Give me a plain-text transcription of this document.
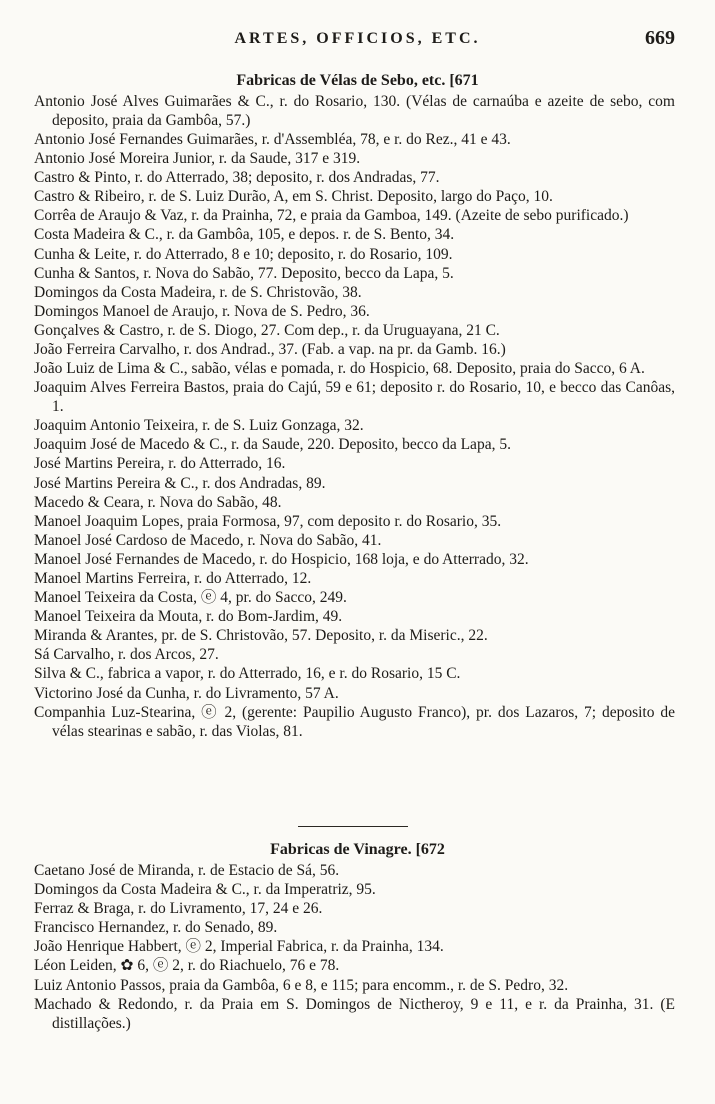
ARTES, OFFICIOS, ETC.	669
Fabricas de Vélas de Sebo, etc. [671
Antonio José Alves Guimarães & C., r. do Rosario, 130. (Vélas de carnaúba e azeite de sebo, com deposito, praia da Gambôa, 57.)
Antonio José Fernandes Guimarães, r. d'Assembléa, 78, e r. do Rez., 41 e 43.
Antonio José Moreira Junior, r. da Saude, 317 e 319.
Castro & Pinto, r. do Atterrado, 38; deposito, r. dos Andradas, 77.
Castro & Ribeiro, r. de S. Luiz Durão, A, em S. Christ. Deposito, largo do Paço, 10.
Corrêa de Araujo & Vaz, r. da Prainha, 72, e praia da Gamboa, 149. (Azeite de sebo purificado.)
Costa Madeira & C., r. da Gambôa, 105, e depos. r. de S. Bento, 34.
Cunha & Leite, r. do Atterrado, 8 e 10; deposito, r. do Rosario, 109.
Cunha & Santos, r. Nova do Sabão, 77. Deposito, becco da Lapa, 5.
Domingos da Costa Madeira, r. de S. Christovão, 38.
Domingos Manoel de Araujo, r. Nova de S. Pedro, 36.
Gonçalves & Castro, r. de S. Diogo, 27. Com dep., r. da Uruguayana, 21 C.
João Ferreira Carvalho, r. dos Andrad., 37. (Fab. a vap. na pr. da Gamb. 16.)
João Luiz de Lima & C., sabão, vélas e pomada, r. do Hospicio, 68. Deposito, praia do Sacco, 6 A.
Joaquim Alves Ferreira Bastos, praia do Cajú, 59 e 61; deposito r. do Rosario, 10, e becco das Canôas, 1.
Joaquim Antonio Teixeira, r. de S. Luiz Gonzaga, 32.
Joaquim José de Macedo & C., r. da Saude, 220. Deposito, becco da Lapa, 5.
José Martins Pereira, r. do Atterrado, 16.
José Martins Pereira & C., r. dos Andradas, 89.
Macedo & Ceara, r. Nova do Sabão, 48.
Manoel Joaquim Lopes, praia Formosa, 97, com deposito r. do Rosario, 35.
Manoel José Cardoso de Macedo, r. Nova do Sabão, 41.
Manoel José Fernandes de Macedo, r. do Hospicio, 168 loja, e do Atterrado, 32.
Manoel Martins Ferreira, r. do Atterrado, 12.
Manoel Teixeira da Costa, ⓔ 4, pr. do Sacco, 249.
Manoel Teixeira da Mouta, r. do Bom-Jardim, 49.
Miranda & Arantes, pr. de S. Christovão, 57. Deposito, r. da Miseric., 22.
Sá Carvalho, r. dos Arcos, 27.
Silva & C., fabrica a vapor, r. do Atterrado, 16, e r. do Rosario, 15 C.
Victorino José da Cunha, r. do Livramento, 57 A.
Companhia Luz-Stearina, ⓔ 2, (gerente: Paupilio Augusto Franco), pr. dos Lazaros, 7; deposito de vélas stearinas e sabão, r. das Violas, 81.
Fabricas de Vinagre. [672
Caetano José de Miranda, r. de Estacio de Sá, 56.
Domingos da Costa Madeira & C., r. da Imperatriz, 95.
Ferraz & Braga, r. do Livramento, 17, 24 e 26.
Francisco Hernandez, r. do Senado, 89.
João Henrique Habbert, ⓔ 2, Imperial Fabrica, r. da Prainha, 134.
Léon Leiden, ✿ 6, ⓔ 2, r. do Riachuelo, 76 e 78.
Luiz Antonio Passos, praia da Gambôa, 6 e 8, e 115; para encomm., r. de S. Pedro, 32.
Machado & Redondo, r. da Praia em S. Domingos de Nictheroy, 9 e 11, e r. da Prainha, 31. (E distillações.)
